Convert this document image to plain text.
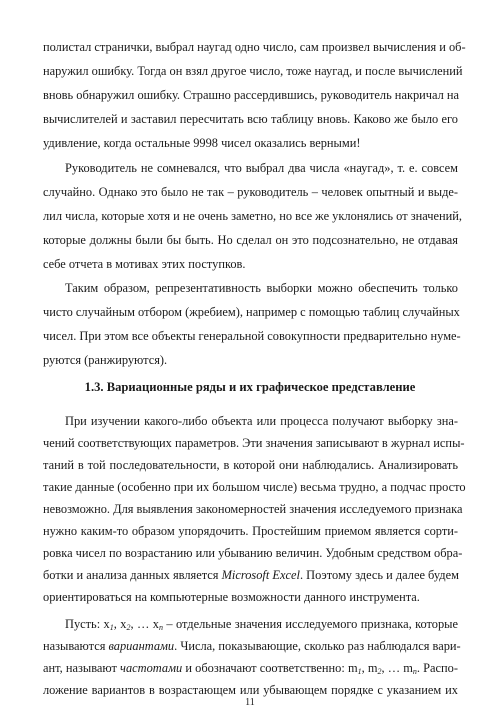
полистал странички, выбрал наугад одно число, сам произвел вычисления и об-
наружил ошибку. Тогда он взял другое число, тоже наугад, и после вычислений
вновь обнаружил ошибку. Страшно рассердившись, руководитель накричал на
вычислителей и заставил пересчитать всю таблицу вновь. Каково же было его
удивление, когда остальные 9998 чисел оказались верными!
Руководитель не сомневался, что выбрал два числа «наугад», т. е. совсем
случайно. Однако это было не так – руководитель – человек опытный и выде-
лил числа, которые хотя и не очень заметно, но все же уклонялись от значений,
которые должны были бы быть. Но сделал он это подсознательно, не отдавая
себе отчета в мотивах этих поступков.
Таким образом, репрезентативность выборки можно обеспечить только
чисто случайным отбором (жребием), например с помощью таблиц случайных
чисел. При этом все объекты генеральной совокупности предварительно нуме-
руются (ранжируются).
1.3. Вариационные ряды и их графическое представление
При изучении какого-либо объекта или процесса получают выборку зна-
чений соответствующих параметров. Эти значения записывают в журнал испы-
таний в той последовательности, в которой они наблюдались. Анализировать
такие данные (особенно при их большом числе) весьма трудно, а подчас просто
невозможно. Для выявления закономерностей значения исследуемого признака
нужно каким-то образом упорядочить. Простейшим приемом является сорти-
ровка чисел по возрастанию или убыванию величин. Удобным средством обра-
ботки и анализа данных является Microsoft Excel. Поэтому здесь и далее будем
ориентироваться на компьютерные возможности данного инструмента.
11
Пусть: $x_1$, $x_2$, … $x_n$ – отдельные значения исследуемого признака, которые
называются вариантами. Числа, показывающие, сколько раз наблюдался вари-
ант, называют частотами и обозначают соответственно: $m_1$, $m_2$, … $m_n$. Распо-
ложение вариантов в возрастающем или убывающем порядке с указанием их
